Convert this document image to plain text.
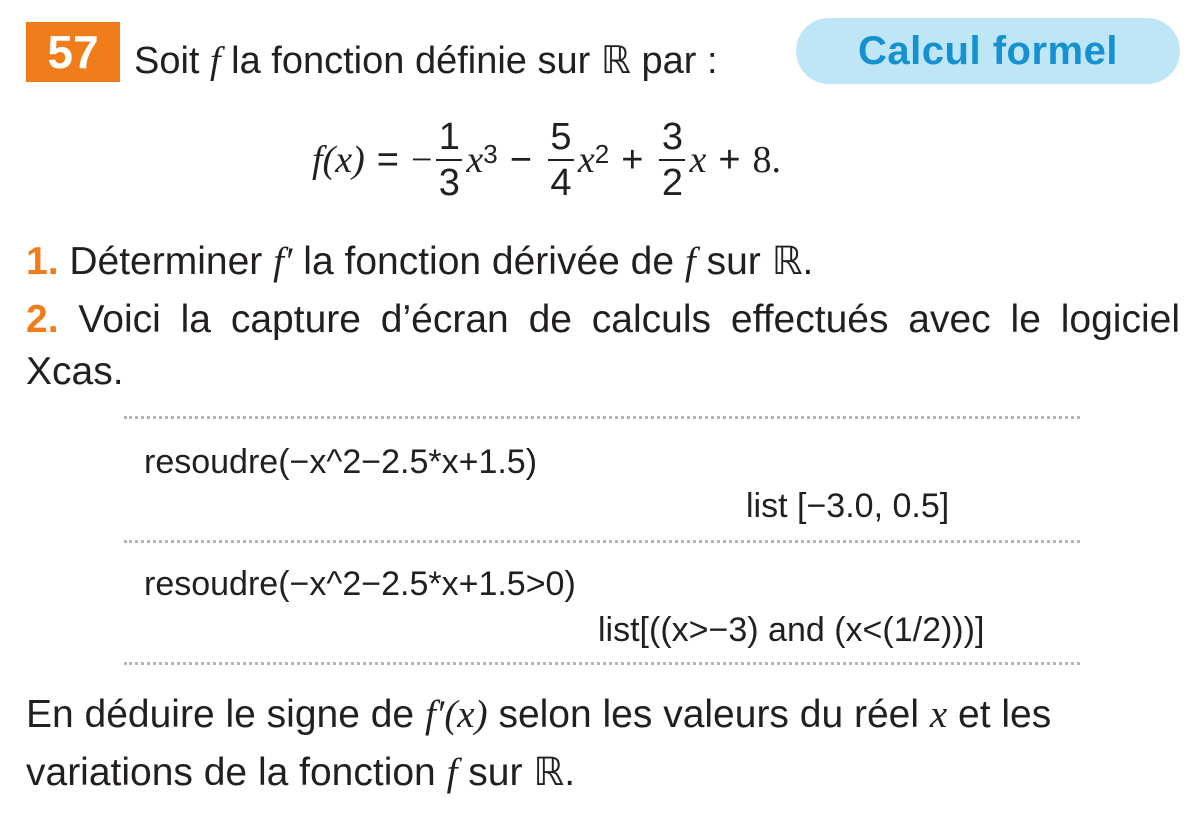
57 Soit f la fonction définie sur ℝ par :	Calcul formel
f(x) = − $\frac{1}{3} x^3 - \frac{5}{4} x^2 + \frac{3}{2}$ x + 8.
1. Déterminer f′ la fonction dérivée de f sur ℝ.
2. Voici la capture d’écran de calculs effectués avec le logiciel Xcas.
resoudre(−x^2−2.5*x+1.5)
list [−3.0, 0.5]
resoudre(−x^2−2.5*x+1.5>0)
list[((x>−3) and (x<(1/2)))]
En déduire le signe de f′(x) selon les valeurs du réel x et les variations de la fonction f sur ℝ.
